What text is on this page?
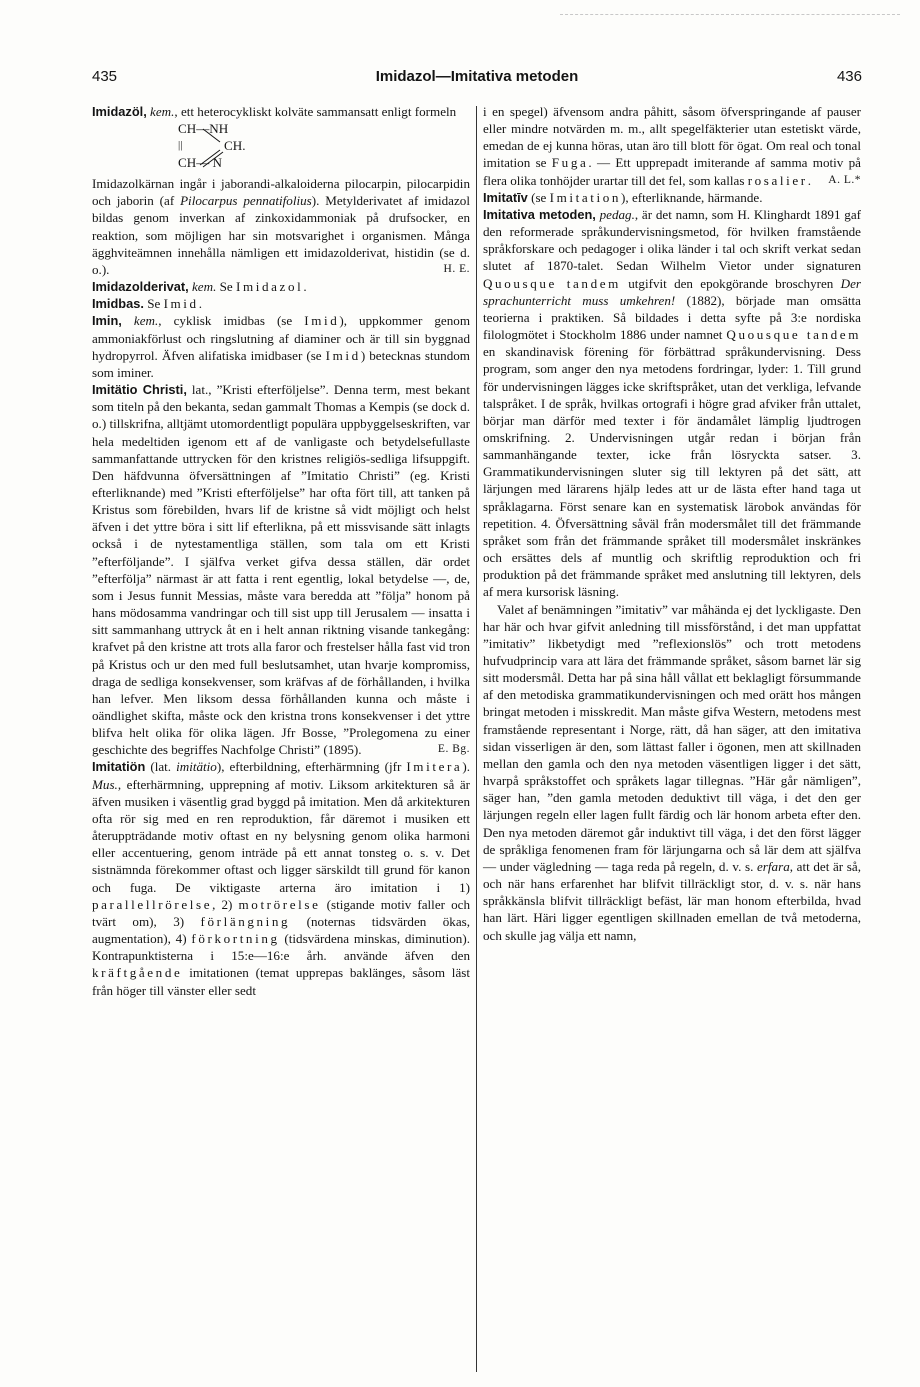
435	Imidazol—Imitativa metoden	436

Imidazöl, kem., ett heterocykliskt kolväte sammansatt enligt formeln

CH—NH
||	CH.
CH— N

Imidazolkärnan ingår i jaborandi-alkaloiderna pilocarpin, pilocarpidin och jaborin (af Pilocarpus pennatifolius). Metylderivatet af imidazol bildas genom inverkan af zinkoxidammoniak på drufsocker, en reaktion, som möjligen har sin motsvarighet i organismen. Många ägghviteämnen innehålla nämligen ett imidazolderivat, histidin (se d. o.).	H. E.

Imidazolderivat, kem. Se Imidazol.

Imidbas. Se Imid.

Imin, kem., cyklisk imidbas (se Imid), uppkommer genom ammoniakförlust och ringslutning af diaminer och är till sin byggnad hydropyrrol. Äfven alifatiska imidbaser (se Imid) betecknas stundom som iminer.

Imitätio Christi, lat., ”Kristi efterföljelse”. Denna term, mest bekant som titeln på den bekanta, sedan gammalt Thomas a Kempis (se dock d. o.) tillskrifna, alltjämt utomordentligt populära uppbyggelseskriften, var hela medeltiden igenom ett af de vanligaste och betydelsefullaste sammanfattande uttrycken för den kristnes religiös-sedliga lifsuppgift. Den häfdvunna öfversättningen af ”Imitatio Christi” (eg. Kristi efterliknande) med ”Kristi efterföljelse” har ofta fört till, att tanken på Kristus som förebilden, hvars lif de kristne så vidt möjligt och helst äfven i det yttre böra i sitt lif efterlikna, på ett missvisande sätt inlagts också i de nytestamentliga ställen, som tala om ett Kristi ”efterföljande”. I själfva verket gifva dessa ställen, där ordet ”efterfölja” närmast är att fatta i rent egentlig, lokal betydelse —, de, som i Jesus funnit Messias, måste vara beredda att ”följa” honom på hans mödosamma vandringar och till sist upp till Jerusalem — insatta i sitt sammanhang uttryck åt en i helt annan riktning visande tankegång: krafvet på den kristne att trots alla faror och frestelser hålla fast vid tron på Kristus och ur den med full beslutsamhet, utan hvarje kompromiss, draga de sedliga konsekvenser, som kräfvas af de förhållanden, i hvilka han lefver. Men liksom dessa förhållanden kunna och måste i oändlighet skifta, måste ock den kristna trons konsekvenser i det yttre blifva helt olika för olika lägen. Jfr Bosse, ”Prolegomena zu einer geschichte des begriffes Nachfolge Christi” (1895).	E. Bg.

Imitatiön (lat. imitätio), efterbildning, efterhärmning (jfr Imitera). Mus., efterhärmning, upprepning af motiv. Liksom arkitekturen så är äfven musiken i väsentlig grad byggd på imitation. Men då arkitekturen ofta rör sig med en ren reproduktion, får däremot i musiken ett återuppträdande motiv oftast en ny belysning genom olika harmoni eller accentuering, genom inträde på ett annat tonsteg o. s. v. Det sistnämnda förekommer oftast och ligger särskildt till grund för kanon och fuga. De viktigaste arterna äro imitation i 1) parallellrörelse, 2) motrörelse (stigande motiv faller och tvärt om), 3) förlängning (noternas tidsvärden ökas, augmentation), 4) förkortning (tidsvärdena minskas, diminution). Kontrapunktisterna i 15:e—16:e årh. använde äfven den kräftgående imitationen (temat upprepas baklänges, såsom läst från höger till vänster eller sedt

i en spegel) äfvensom andra påhitt, såsom öfverspringande af pauser eller mindre notvärden m. m., allt spegelfäkterier utan estetiskt värde, emedan de ej kunna höras, utan äro till blott för ögat. Om real och tonal imitation se Fuga. — Ett upprepadt imiterande af samma motiv på flera olika tonhöjder urartar till det fel, som kallas rosalier.	A. L.*

Imitatīv (se Imitation), efterliknande, härmande.

Imitativa metoden, pedag., är det namn, som H. Klinghardt 1891 gaf den reformerade språkundervisningsmetod, för hvilken framstående språkforskare och pedagoger i olika länder i tal och skrift verkat sedan slutet af 1870-talet. Sedan Wilhelm Vietor under signaturen Quousque tandem utgifvit den epokgörande broschyren Der sprachunterricht muss umkehren! (1882), började man omsätta teorierna i praktiken. Så bildades i detta syfte på 3:e nordiska filologmötet i Stockholm 1886 under namnet Quousque tandem en skandinavisk förening för förbättrad språkundervisning. Dess program, som anger den nya metodens fordringar, lyder: 1. Till grund för undervisningen lägges icke skriftspråket, utan det verkliga, lefvande talspråket. I de språk, hvilkas ortografi i högre grad afviker från uttalet, börjar man därför med texter i för ändamålet lämplig ljudtrogen omskrifning. 2. Undervisningen utgår redan i början från sammanhängande texter, icke från lösryckta satser. 3. Grammatikundervisningen sluter sig till lektyren på det sätt, att lärjungen med lärarens hjälp ledes att ur de lästa efter hand taga ut språklagarna. Först senare kan en systematisk lärobok användas för repetition. 4. Öfversättning såväl från modersmålet till det främmande språket som från det främmande språket till modersmålet inskränkes och ersättes dels af muntlig och skriftlig reproduktion och fri produktion på det främmande språket med anslutning till lektyren, dels af mera kursorisk läsning.

Valet af benämningen ”imitativ” var måhända ej det lyckligaste. Den har här och hvar gifvit anledning till missförstånd, i det man uppfattat ”imitativ” likbetydigt med ”reflexionslös” och trott metodens hufvudprincip vara att lära det främmande språket, såsom barnet lär sig sitt modersmål. Detta har på sina håll vållat ett beklagligt försummande af den metodiska grammatikundervisningen och med orätt hos mången bringat metoden i misskredit. Man måste gifva Western, metodens mest framstående representant i Norge, rätt, då han säger, att den imitativa sidan visserligen är den, som lättast faller i ögonen, men att skillnaden mellan den gamla och den nya metoden väsentligen ligger i det sätt, hvarpå språkstoffet och språkets lagar tillegnas. ”Här går nämligen”, säger han, ”den gamla metoden deduktivt till väga, i det den ger lärjungen regeln eller lagen fullt färdig och lär honom arbeta efter den. Den nya metoden däremot går induktivt till väga, i det den först lägger de språkliga fenomenen fram för lärjungarna och så lär dem att själfva — under vägledning — taga reda på regeln, d. v. s. erfara, att det är så, och när hans erfarenhet har blifvit tillräckligt stor, d. v. s. när hans språkkänsla blifvit tillräckligt befäst, lär man honom efterbilda, hvad han lärt. Häri ligger egentligen skillnaden emellan de två metoderna, och skulle jag välja ett namn,
